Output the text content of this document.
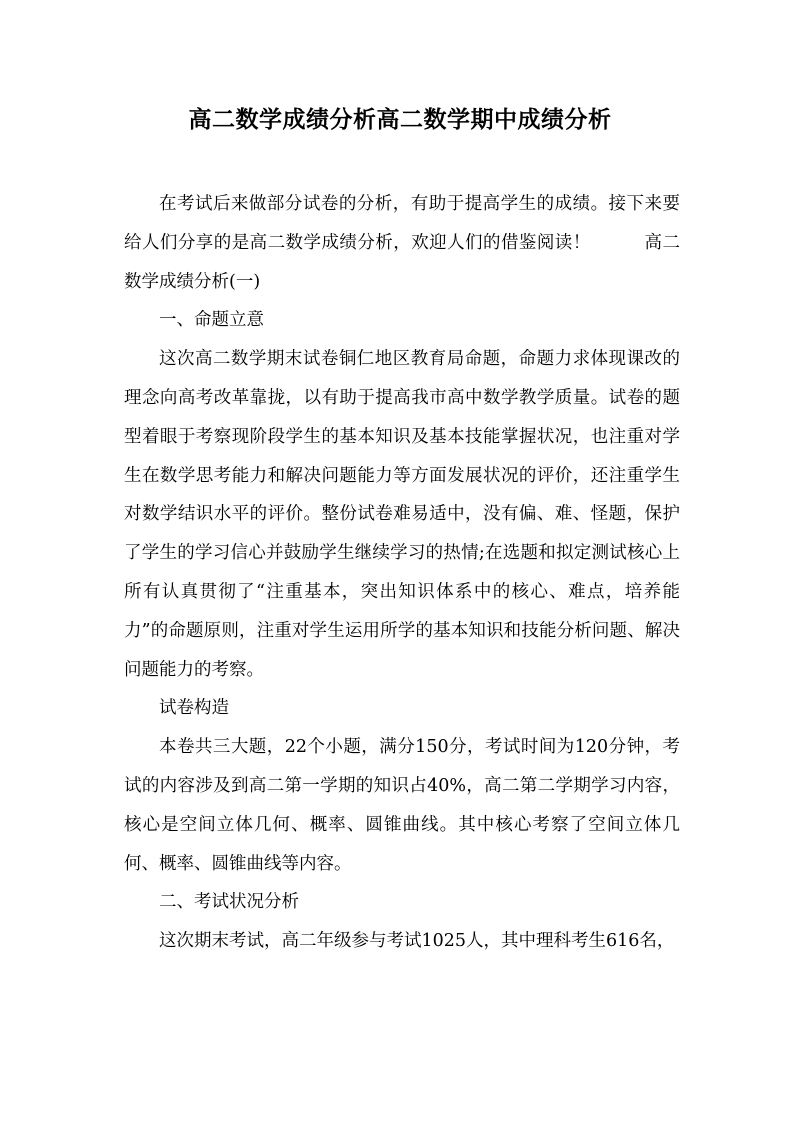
高二数学成绩分析高二数学期中成绩分析

在考试后来做部分试卷的分析，有助于提高学生的成绩。接下来要给人们分享的是高二数学成绩分析，欢迎人们的借鉴阅读！　　　高二数学成绩分析(一)

一、命题立意

这次高二数学期末试卷铜仁地区教育局命题，命题力求体现课改的理念向高考改革靠拢，以有助于提高我市高中数学教学质量。试卷的题型着眼于考察现阶段学生的基本知识及基本技能掌握状况，也注重对学生在数学思考能力和解决问题能力等方面发展状况的评价，还注重学生对数学结识水平的评价。整份试卷难易适中，没有偏、难、怪题，保护了学生的学习信心并鼓励学生继续学习的热情;在选题和拟定测试核心上所有认真贯彻了“注重基本，突出知识体系中的核心、难点，培养能力”的命题原则，注重对学生运用所学的基本知识和技能分析问题、解决问题能力的考察。

试卷构造

本卷共三大题，22个小题，满分150分，考试时间为120分钟，考试的内容涉及到高二第一学期的知识占40%，高二第二学期学习内容，核心是空间立体几何、概率、圆锥曲线。其中核心考察了空间立体几何、概率、圆锥曲线等内容。

二、考试状况分析

这次期末考试，高二年级参与考试1025人，其中理科考生616名，
